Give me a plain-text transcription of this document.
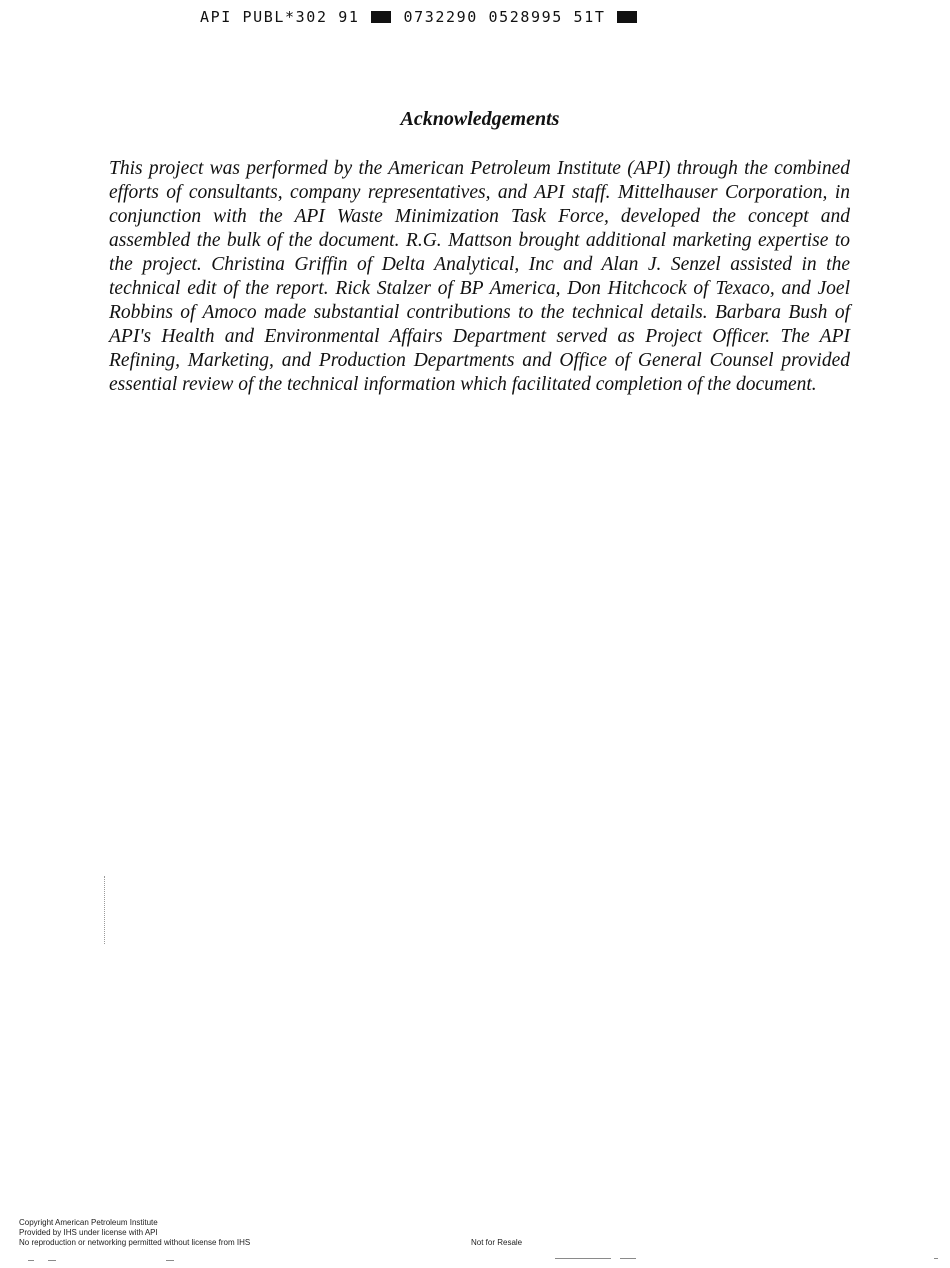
API PUBL*302 91	0732290 0528995 51T
Acknowledgements

This project was performed by the American Petroleum Institute (API) through the combined efforts of consultants, company representatives, and API staff. Mittelhauser Corporation, in conjunction with the API Waste Minimization Task Force, developed the concept and assembled the bulk of the document. R.G. Mattson brought additional marketing expertise to the project. Christina Griffin of Delta Analytical, Inc and Alan J. Senzel assisted in the technical edit of the report. Rick Stalzer of BP America, Don Hitchcock of Texaco, and Joel Robbins of Amoco made substantial contributions to the technical details. Barbara Bush of API's Health and Environmental Affairs Department served as Project Officer. The API Refining, Marketing, and Production Departments and Office of General Counsel provided essential review of the technical information which facilitated completion of the document.

Copyright American Petroleum Institute
Provided by IHS under license with API
No reproduction or networking permitted without license from IHS	Not for Resale
